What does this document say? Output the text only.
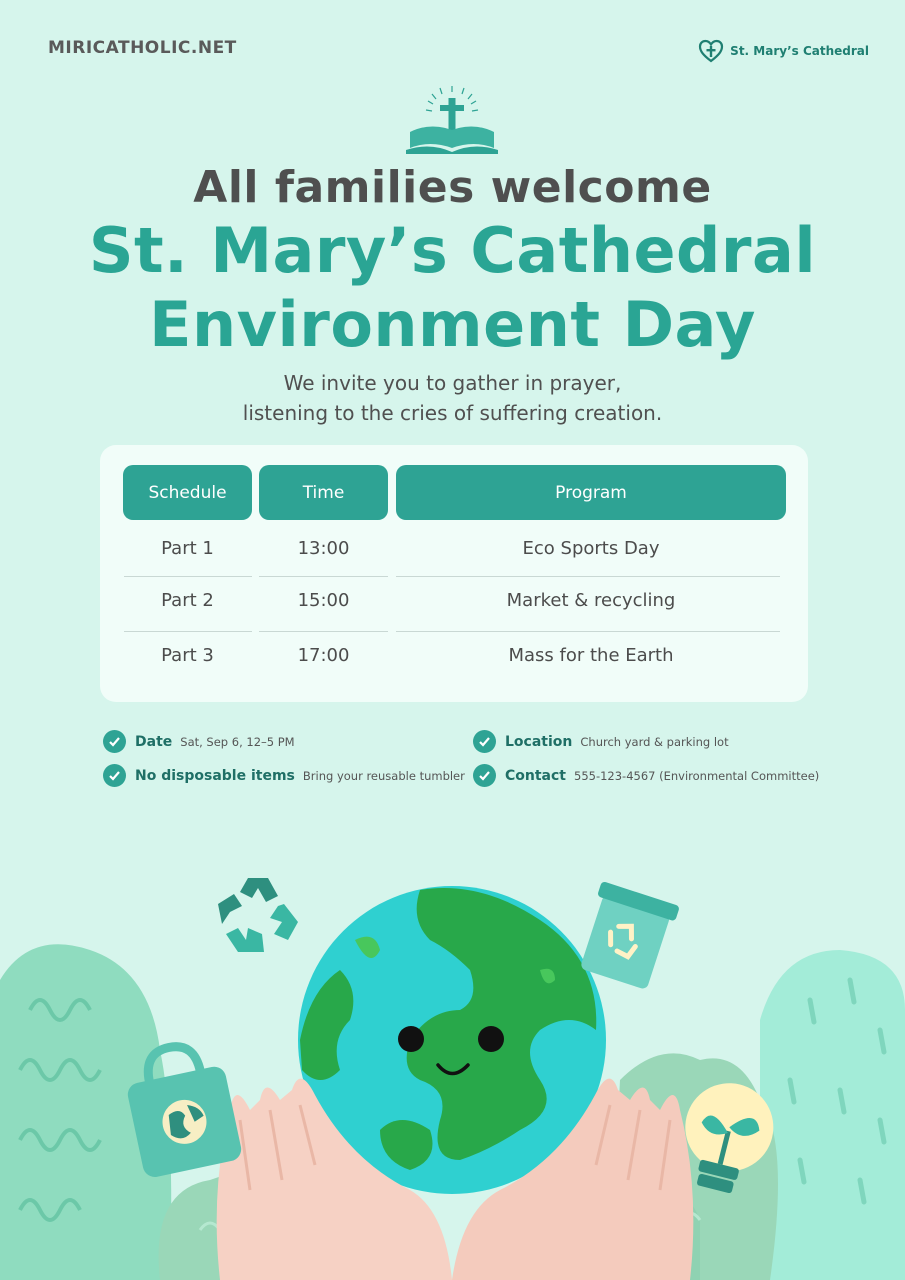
MIRICATHOLIC.NET	St. Mary’s Cathedral
All families welcome
St. Mary’s Cathedral
Environment Day
We invite you to gather in prayer,
listening to the cries of suffering creation.
Schedule	Time	Program
Part 1	13:00	Eco Sports Day
Part 2	15:00	Market & recycling
Part 3	17:00	Mass for the Earth
Date Sat, Sep 6, 12–5 PM	Location Church yard & parking lot
No disposable items Bring your reusable tumbler	Contact 555-123-4567 (Environmental Committee)
